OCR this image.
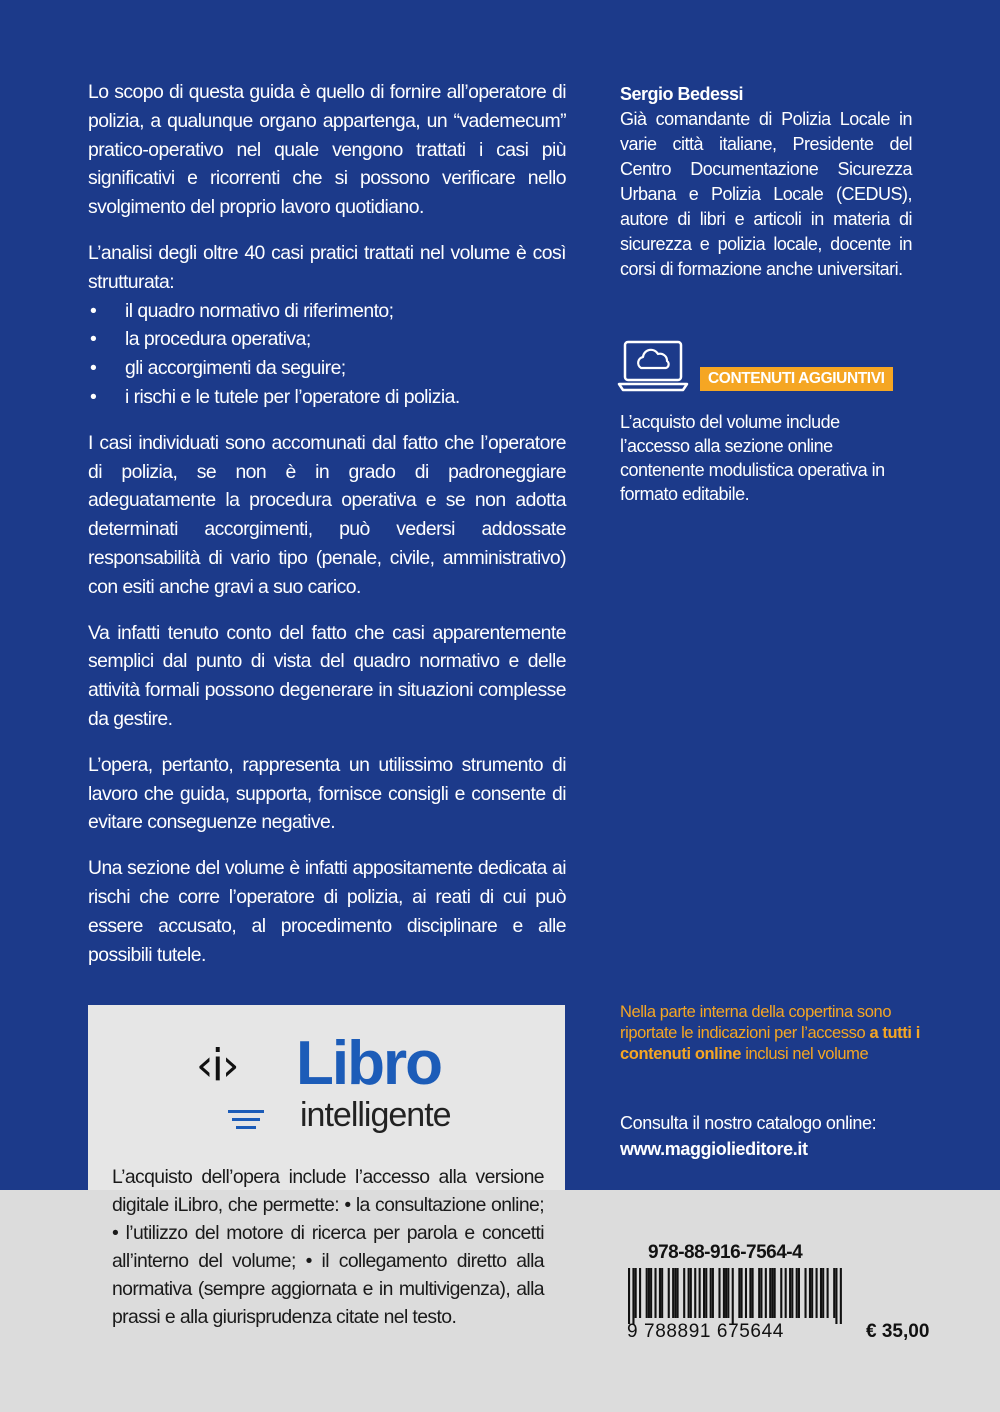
Lo scopo di questa guida è quello di fornire all’operatore di polizia, a qualunque organo appartenga, un “vademecum” pratico-operativo nel quale vengono trattati i casi più significativi e ricorrenti che si possono verificare nello svolgimento del proprio lavoro quotidiano.

L’analisi degli oltre 40 casi pratici trattati nel volume è così strutturata:

• il quadro normativo di riferimento;
• la procedura operativa;
• gli accorgimenti da seguire;
• i rischi e le tutele per l’operatore di polizia.

I casi individuati sono accomunati dal fatto che l’operatore di polizia, se non è in grado di padroneggiare adeguatamente la procedura operativa e se non adotta determinati accorgimenti, può vedersi addossate responsabilità di vario tipo (penale, civile, amministrativo) con esiti anche gravi a suo carico.

Va infatti tenuto conto del fatto che casi apparentemente semplici dal punto di vista del quadro normativo e delle attività formali possono degenerare in situazioni complesse da gestire.

L’opera, pertanto, rappresenta un utilissimo strumento di lavoro che guida, supporta, fornisce consigli e consente di evitare conseguenze negative.

Una sezione del volume è infatti appositamente dedicata ai rischi che corre l’operatore di polizia, ai reati di cui può essere accusato, al procedimento disciplinare e alle possibili tutele.

Sergio Bedessi
Già comandante di Polizia Locale in varie città italiane, Presidente del Centro Documentazione Sicurezza Urbana e Polizia Locale (CEDUS), autore di libri e articoli in materia di sicurezza e polizia locale, docente in corsi di formazione anche universitari.
CONTENUTI AGGIUNTIVI
L’acquisto del volume include l’accesso alla sezione online contenente modulistica operativa in formato editabile.
‹i› Libro
intelligente
L’acquisto dell’opera include l’accesso alla versione digitale iLibro, che permette: • la consultazione online; • l’utilizzo del motore di ricerca per parola e concetti all’interno del volume; • il collegamento diretto alla normativa (sempre aggiornata e in multivigenza), alla prassi e alla giurisprudenza citate nel testo.
Nella parte interna della copertina sono riportate le indicazioni per l’accesso a tutti i contenuti online inclusi nel volume
Consulta il nostro catalogo online:
www.maggiolieditore.it
978-88-916-7564-4
9 788891 675644	€ 35,00
